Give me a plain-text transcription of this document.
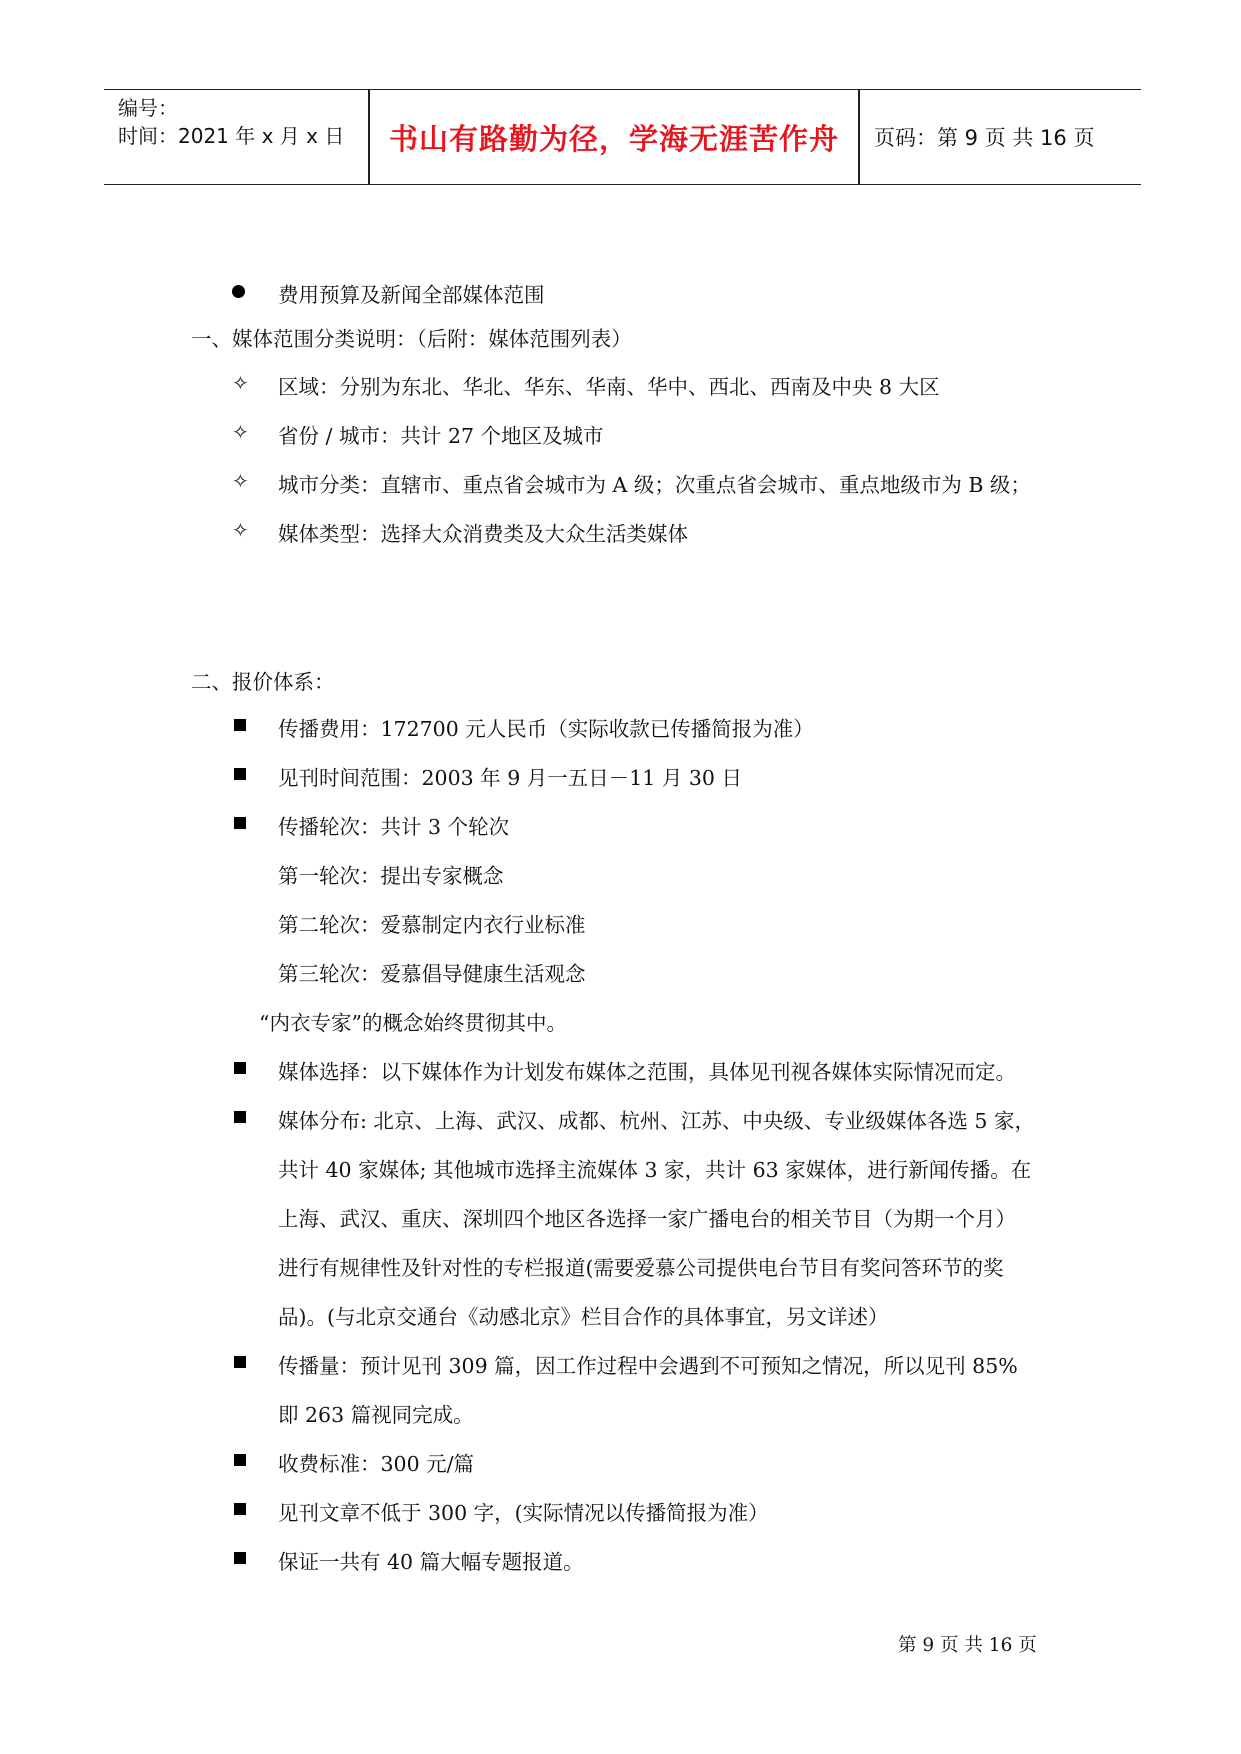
编号：
时间：2021 年 x 月 x 日	书山有路勤为径，学海无涯苦作舟	页码：第 9 页 共 16 页
费用预算及新闻全部媒体范围
一、媒体范围分类说明：（后附：媒体范围列表）
✧ 区域：分别为东北、华北、华东、华南、华中、西北、西南及中央 8 大区
✧ 省份 / 城市：共计 27 个地区及城市
✧ 城市分类：直辖市、重点省会城市为 A 级；次重点省会城市、重点地级市为 B 级；
✧ 媒体类型：选择大众消费类及大众生活类媒体
二、报价体系：
传播费用：172700 元人民币（实际收款已传播简报为准）
见刊时间范围：2003 年 9 月一五日－11 月 30 日
传播轮次：共计 3 个轮次
第一轮次：提出专家概念
第二轮次：爱慕制定内衣行业标准
第三轮次：爱慕倡导健康生活观念
“内衣专家”的概念始终贯彻其中。
媒体选择：以下媒体作为计划发布媒体之范围，具体见刊视各媒体实际情况而定。
媒体分布: 北京、上海、武汉、成都、杭州、江苏、中央级、专业级媒体各选 5 家，
共计 40 家媒体; 其他城市选择主流媒体 3 家，共计 63 家媒体，进行新闻传播。在
上海、武汉、重庆、深圳四个地区各选择一家广播电台的相关节目（为期一个月）
进行有规律性及针对性的专栏报道(需要爱慕公司提供电台节目有奖问答环节的奖
品)。(与北京交通台《动感北京》栏目合作的具体事宜，另文详述）
传播量：预计见刊 309 篇，因工作过程中会遇到不可预知之情况，所以见刊 85%
即 263 篇视同完成。
收费标准：300 元/篇
见刊文章不低于 300 字，(实际情况以传播简报为准）
保证一共有 40 篇大幅专题报道。
第 9 页 共 16 页
